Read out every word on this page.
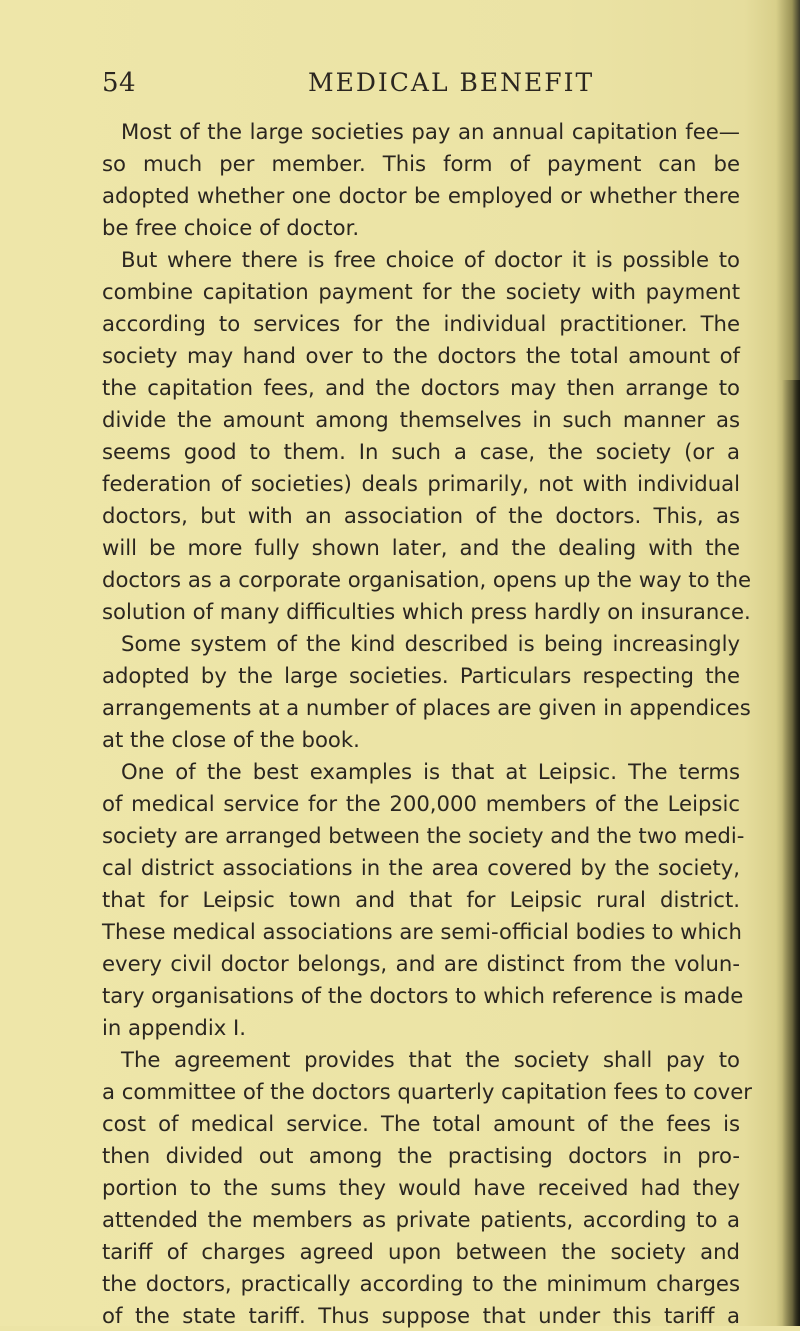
54	MEDICAL BENEFIT
Most of the large societies pay an annual capitation fee—
so much per member. This form of payment can be
adopted whether one doctor be employed or whether there
be free choice of doctor.
But where there is free choice of doctor it is possible to
combine capitation payment for the society with payment
according to services for the individual practitioner. The
society may hand over to the doctors the total amount of
the capitation fees, and the doctors may then arrange to
divide the amount among themselves in such manner as
seems good to them. In such a case, the society (or a
federation of societies) deals primarily, not with individual
doctors, but with an association of the doctors. This, as
will be more fully shown later, and the dealing with the
doctors as a corporate organisation, opens up the way to the
solution of many difficulties which press hardly on insurance.
Some system of the kind described is being increasingly
adopted by the large societies. Particulars respecting the
arrangements at a number of places are given in appendices
at the close of the book.
One of the best examples is that at Leipsic. The terms
of medical service for the 200,000 members of the Leipsic
society are arranged between the society and the two medi-
cal district associations in the area covered by the society,
that for Leipsic town and that for Leipsic rural district.
These medical associations are semi-official bodies to which
every civil doctor belongs, and are distinct from the volun-
tary organisations of the doctors to which reference is made
in appendix I.
The agreement provides that the society shall pay to
a committee of the doctors quarterly capitation fees to cover
cost of medical service. The total amount of the fees is
then divided out among the practising doctors in pro-
portion to the sums they would have received had they
attended the members as private patients, according to a
tariff of charges agreed upon between the society and
the doctors, practically according to the minimum charges
of the state tariff. Thus suppose that under this tariff a
